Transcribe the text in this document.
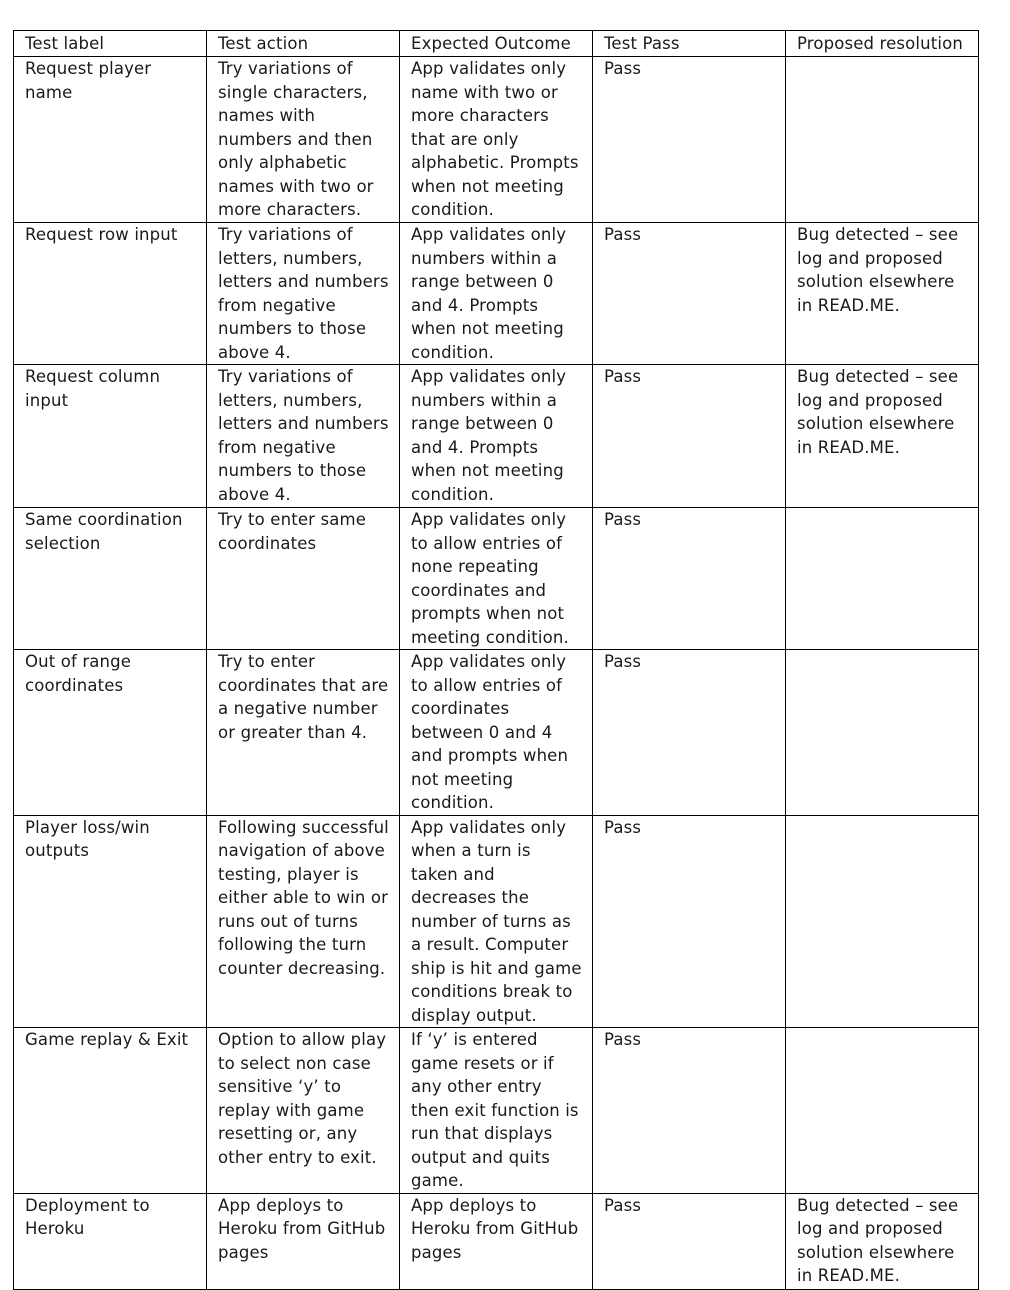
Test label	Test action	Expected Outcome	Test Pass	Proposed resolution
Request player name	Try variations of single characters, names with numbers and then only alphabetic names with two or more characters.	App validates only name with two or more characters that are only alphabetic. Prompts when not meeting condition.	Pass	
Request row input	Try variations of letters, numbers, letters and numbers from negative numbers to those above 4.	App validates only numbers within a range between 0 and 4. Prompts when not meeting condition.	Pass	Bug detected – see log and proposed solution elsewhere in READ.ME.
Request column input	Try variations of letters, numbers, letters and numbers from negative numbers to those above 4.	App validates only numbers within a range between 0 and 4. Prompts when not meeting condition.	Pass	Bug detected – see log and proposed solution elsewhere in READ.ME.
Same coordination selection	Try to enter same coordinates	App validates only to allow entries of none repeating coordinates and prompts when not meeting condition.	Pass	
Out of range coordinates	Try to enter coordinates that are a negative number or greater than 4.	App validates only to allow entries of coordinates between 0 and 4 and prompts when not meeting condition.	Pass	
Player loss/win outputs	Following successful navigation of above testing, player is either able to win or runs out of turns following the turn counter decreasing.	App validates only when a turn is taken and decreases the number of turns as a result. Computer ship is hit and game conditions break to display output.	Pass	
Game replay & Exit	Option to allow play to select non case sensitive ‘y’ to replay with game resetting or, any other entry to exit.	If ‘y’ is entered game resets or if any other entry then exit function is run that displays output and quits game.	Pass	
Deployment to Heroku	App deploys to Heroku from GitHub pages	App deploys to Heroku from GitHub pages	Pass	Bug detected – see log and proposed solution elsewhere in READ.ME.
